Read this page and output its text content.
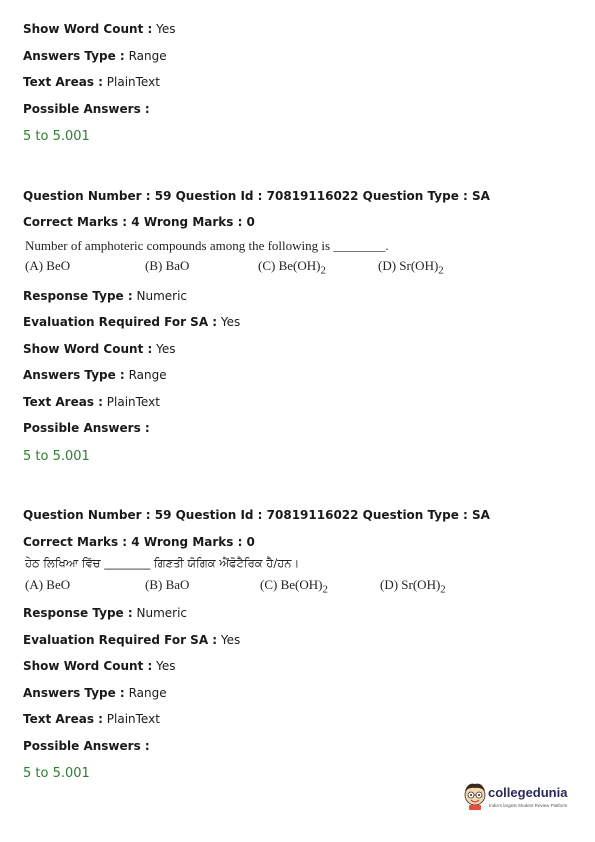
Show Word Count : Yes
Answers Type : Range
Text Areas : PlainText
Possible Answers :
5 to 5.001
Question Number : 59 Question Id : 70819116022 Question Type : SA
Correct Marks : 4 Wrong Marks : 0
Number of amphoteric compounds among the following is ________.
(A) BeO	(B) BaO	(C) $Be(OH)_2$	(D) $Sr(OH)_2$
Response Type : Numeric
Evaluation Required For SA : Yes
Show Word Count : Yes
Answers Type : Range
Text Areas : PlainText
Possible Answers :
5 to 5.001
Question Number : 59 Question Id : 70819116022 Question Type : SA
Correct Marks : 4 Wrong Marks : 0
ਹੇਠ ਲਿਖਿਆ ਵਿੱਚ ________ ਗਿਣਤੀ ਯੋਗਿਕ ਐਂਫੋਟੈਰਿਕ ਹੈ/ਹਨ।
(A) BeO	(B) BaO	(C) $Be(OH)_2$	(D) $Sr(OH)_2$
Response Type : Numeric
Evaluation Required For SA : Yes
Show Word Count : Yes
Answers Type : Range
Text Areas : PlainText
Possible Answers :
5 to 5.001
collegedunia
India's largest Student Review Platform
